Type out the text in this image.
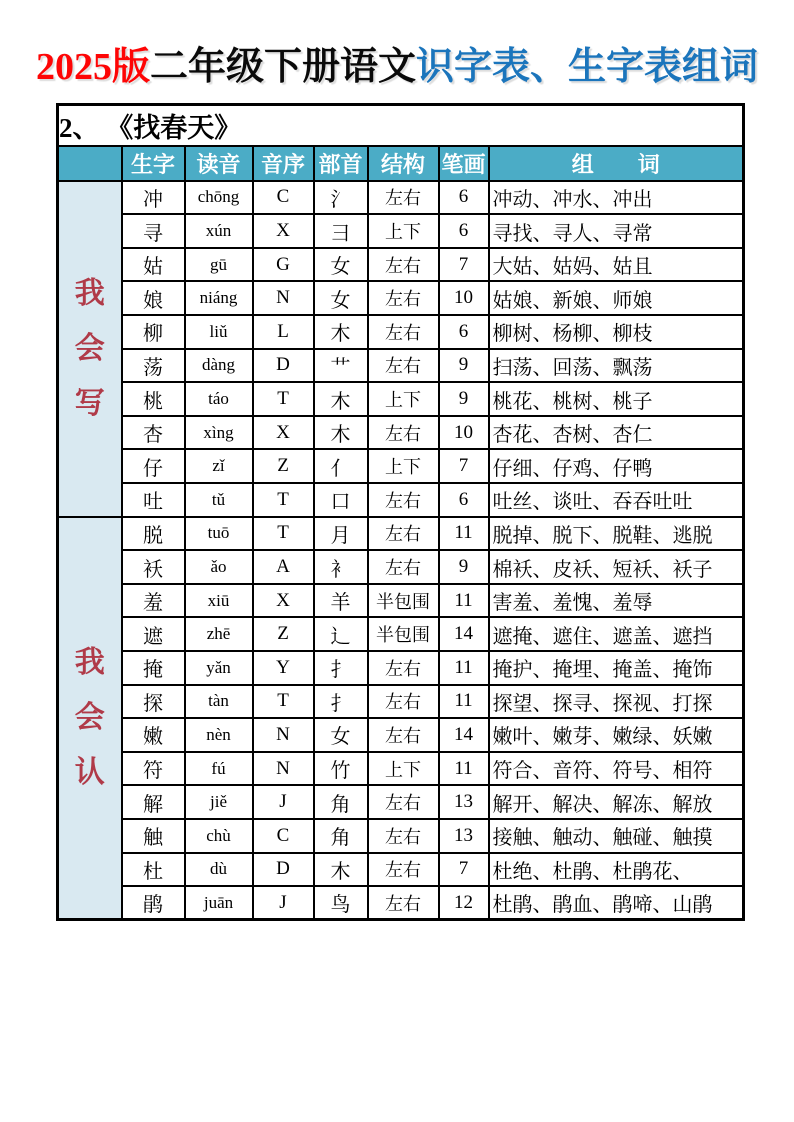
2025版二年级下册语文识字表、生字表组词
2、 《找春天》							
	生字	读音	音序	部首	结构	笔画	组　　词

我
会
写	冲	chōng	C	氵	左右	6	冲动、冲水、冲出
	寻	xún	X	彐	上下	6	寻找、寻人、寻常
	姑	gū	G	女	左右	7	大姑、姑妈、姑且
	娘	niáng	N	女	左右	10	姑娘、新娘、师娘
	柳	liǔ	L	木	左右	6	柳树、杨柳、柳枝
	荡	dàng	D	艹	左右	9	扫荡、回荡、飘荡
	桃	táo	T	木	上下	9	桃花、桃树、桃子
	杏	xìng	X	木	左右	10	杏花、杏树、杏仁
	仔	zǐ	Z	亻	上下	7	仔细、仔鸡、仔鸭
	吐	tǔ	T	口	左右	6	吐丝、谈吐、吞吞吐吐

我
会
认	脱	tuō	T	月	左右	11	脱掉、脱下、脱鞋、逃脱
	袄	ǎo	A	衤	左右	9	棉袄、皮袄、短袄、袄子
	羞	xiū	X	羊	半包围	11	害羞、羞愧、羞辱
	遮	zhē	Z	辶	半包围	14	遮掩、遮住、遮盖、遮挡
	掩	yǎn	Y	扌	左右	11	掩护、掩埋、掩盖、掩饰
	探	tàn	T	扌	左右	11	探望、探寻、探视、打探
	嫩	nèn	N	女	左右	14	嫩叶、嫩芽、嫩绿、妖嫩
	符	fú	N	竹	上下	11	符合、音符、符号、相符
	解	jiě	J	角	左右	13	解开、解决、解冻、解放
	触	chù	C	角	左右	13	接触、触动、触碰、触摸
	杜	dù	D	木	左右	7	杜绝、杜鹃、杜鹃花、
	鹃	juān	J	鸟	左右	12	杜鹃、鹃血、鹃啼、山鹃
